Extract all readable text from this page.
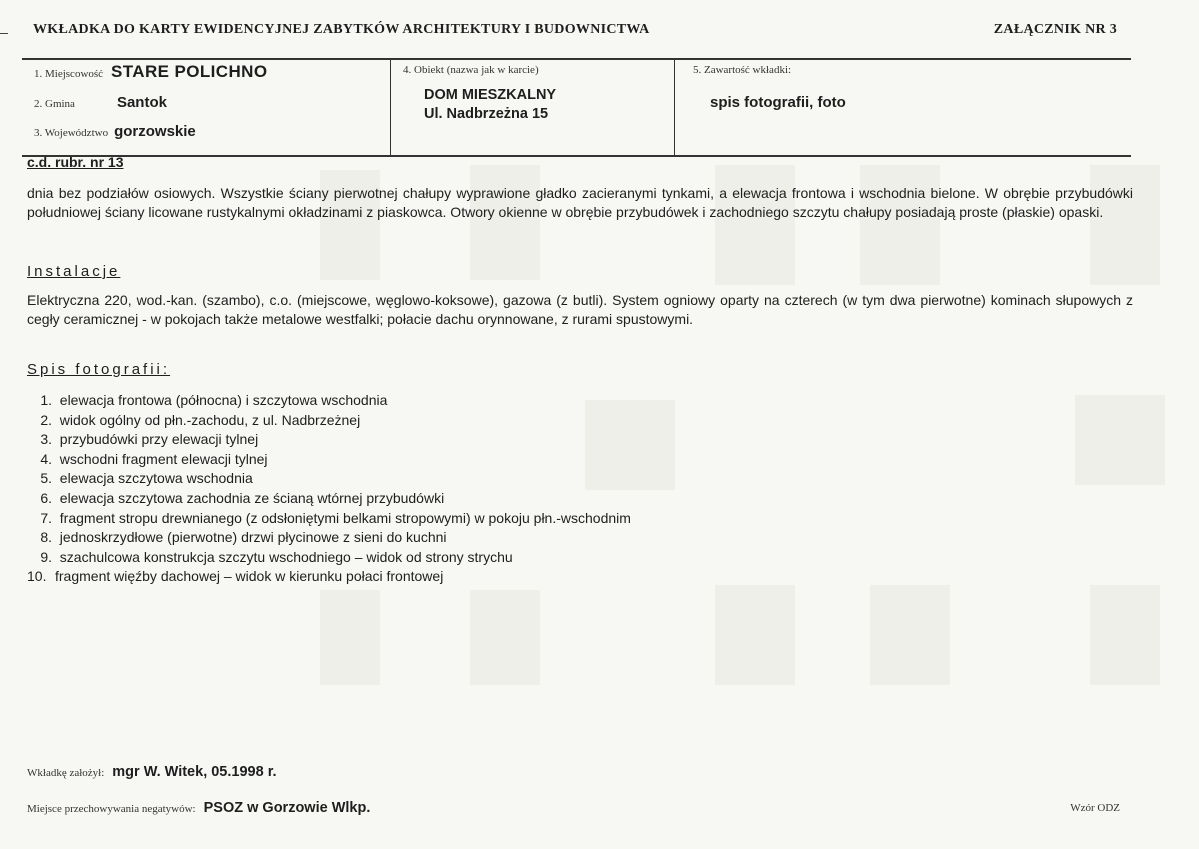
WKŁADKA DO KARTY EWIDENCYJNEJ ZABYTKÓW ARCHITEKTURY I BUDOWNICTWA	ZAŁĄCZNIK NR 3
1. Miejscowość STARE POLICHNO
2. Gmina	Santok
3. Województwo gorzowskie
4. Obiekt (nazwa jak w karcie)
DOM MIESZKALNY
Ul. Nadbrzeżna 15
5. Zawartość wkładki:
spis fotografii, foto
c.d. rubr. nr 13
dnia bez podziałów osiowych. Wszystkie ściany pierwotnej chałupy wyprawione gładko zacieranymi tynkami, a elewacja frontowa i wschodnia bielone. W obrębie przybudówki południowej ściany licowane rustykalnymi okładzinami z piaskowca. Otwory okienne w obrębie przybudówek i zachodniego szczytu chałupy posiadają proste (płaskie) opaski.
Instalacje
Elektryczna 220, wod.-kan. (szambo), c.o. (miejscowe, węglowo-koksowe), gazowa (z butli). System ogniowy oparty na czterech (w tym dwa pierwotne) kominach słupowych z cegły ceramicznej - w pokojach także metalowe westfalki; połacie dachu orynnowane, z rurami spustowymi.
Spis fotografii:
1.
elewacja frontowa (północna) i szczytowa wschodnia
2.
widok ogólny od płn.-zachodu, z ul. Nadbrzeżnej
3.
przybudówki przy elewacji tylnej
4.
wschodni fragment elewacji tylnej
5.
elewacja szczytowa wschodnia
6.
elewacja szczytowa zachodnia ze ścianą wtórnej przybudówki
7.
fragment stropu drewnianego (z odsłoniętymi belkami stropowymi) w pokoju płn.-wschodnim
8.
jednoskrzydłowe (pierwotne) drzwi płycinowe z sieni do kuchni
9.
szachulcowa konstrukcja szczytu wschodniego – widok od strony strychu
10. fragment więźby dachowej – widok w kierunku połaci frontowej
Wkładkę założył: mgr W. Witek, 05.1998 r.
Miejsce przechowywania negatywów: PSOZ w Gorzowie Wlkp.	Wzór ODZ
